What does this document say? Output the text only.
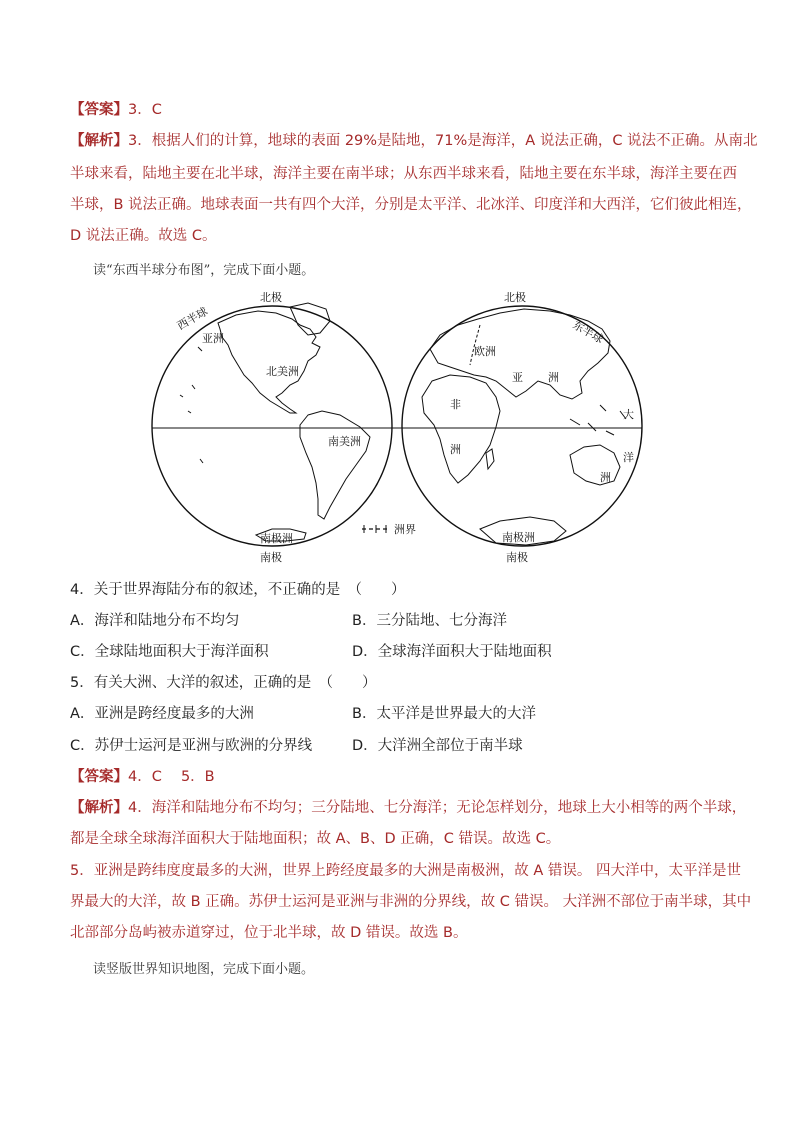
【答案】3．C
【解析】3．根据人们的计算，地球的表面 29%是陆地，71%是海洋，A 说法正确，C 说法不正确。从南北
半球来看，陆地主要在北半球，海洋主要在南半球；从东西半球来看，陆地主要在东半球，海洋主要在西
半球，B 说法正确。地球表面一共有四个大洋，分别是太平洋、北冰洋、印度洋和大西洋，它们彼此相连，
D 说法正确。故选 C。
读“东西半球分布图”，完成下面小题。
北极
南极
西半球
亚洲
北美洲
南美洲
南极洲
北极
南极
东半球
欧洲
亚 洲
非
洲
大
洋
洲
南极洲
洲界
4．关于世界海陆分布的叙述，不正确的是　（　　）
A．海洋和陆地分布不均匀	B．三分陆地、七分海洋
C．全球陆地面积大于海洋面积	D．全球海洋面积大于陆地面积
5．有关大洲、大洋的叙述，正确的是　（　　）
A．亚洲是跨经度最多的大洲	B．太平洋是世界最大的大洋
C．苏伊士运河是亚洲与欧洲的分界线	D．大洋洲全部位于南半球
【答案】4．C　 5．B
【解析】4．海洋和陆地分布不均匀；三分陆地、七分海洋；无论怎样划分，地球上大小相等的两个半球，
都是全球全球海洋面积大于陆地面积；故 A、B、D 正确，C 错误。故选 C。
5．亚洲是跨纬度度最多的大洲，世界上跨经度最多的大洲是南极洲，故 A 错误。 四大洋中，太平洋是世
界最大的大洋，故 B 正确。苏伊士运河是亚洲与非洲的分界线，故 C 错误。 大洋洲不部位于南半球，其中
北部部分岛屿被赤道穿过，位于北半球，故 D 错误。故选 B。
读竖版世界知识地图，完成下面小题。
